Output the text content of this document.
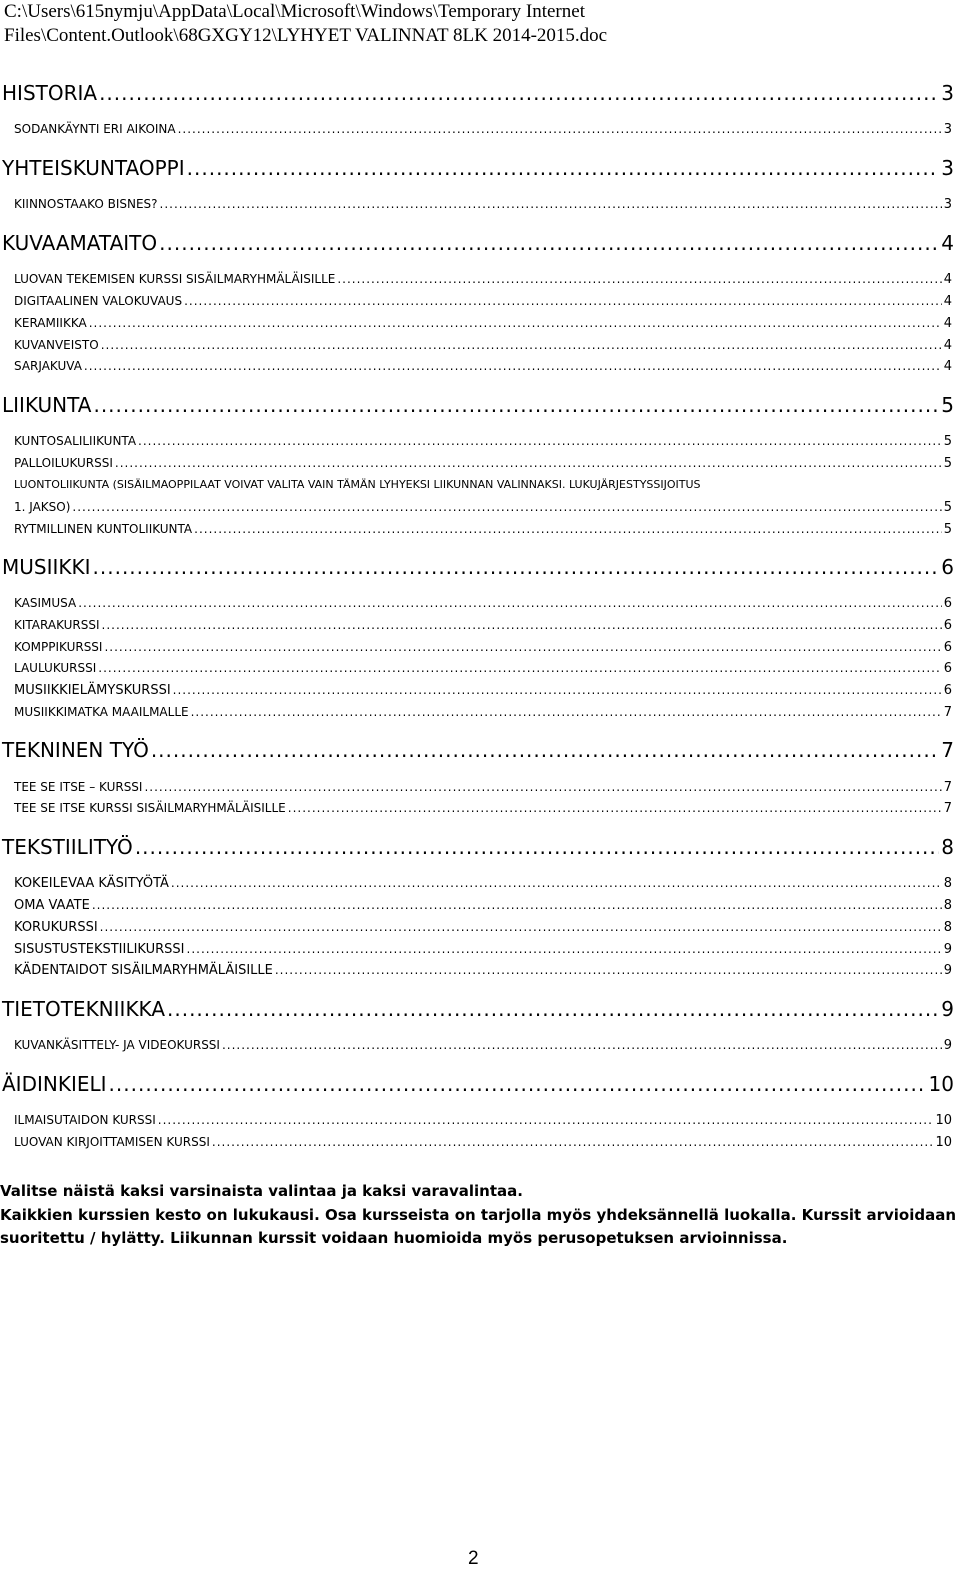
C:\Users\615nymju\AppData\Local\Microsoft\Windows\Temporary Internet
Files\Content.Outlook\68GXGY12\LYHYET VALINNAT 8LK 2014-2015.doc
HISTORIA .....	3
SODANKÄYNTI ERI AIKOINA .....	3
YHTEISKUNTAOPPI .....	3
KIINNOSTAAKO BISNES? .....	3
KUVAAMATAITO .....	4
LUOVAN TEKEMISEN KURSSI SISÄILMARYHMÄLÄISILLE .....	4
DIGITAALINEN VALOKUVAUS .....	4
KERAMIIKKA .....	4
KUVANVEISTO .....	4
SARJAKUVA .....	4
LIIKUNTA .....	5
KUNTOSALILIIKUNTA .....	5
PALLOILUKURSSI .....	5
LUONTOLIIKUNTA (SISÄILMAOPPILAAT VOIVAT VALITA VAIN TÄMÄN LYHYEKSI LIIKUNNAN VALINNAKSI. LUKUJÄRJESTYSSIJOITUS
1. JAKSO) .....	5
RYTMILLINEN KUNTOLIIKUNTA .....	5
MUSIIKKI .....	6
KASIMUSA .....	6
KITARAKURSSI .....	6
KOMPPIKURSSI .....	6
LAULUKURSSI .....	6
MUSIIKKIELÄMYSKURSSI .....	6
MUSIIKKIMATKA MAAILMALLE .....	7
TEKNINEN TYÖ .....	7
TEE SE ITSE – KURSSI .....	7
TEE SE ITSE KURSSI SISÄILMARYHMÄLÄISILLE .....	7
TEKSTIILITYÖ .....	8
KOKEILEVAA KÄSITYÖTÄ .....	8
OMA VAATE .....	8
KORUKURSSI .....	8
SISUSTUSTEKSTIILIKURSSI .....	9
KÄDENTAIDOT SISÄILMARYHMÄLÄISILLE .....	9
TIETOTEKNIIKKA .....	9
KUVANKÄSITTELY- JA VIDEOKURSSI .....	9
ÄIDINKIELI .....	10
ILMAISUTAIDON KURSSI .....	10
LUOVAN KIRJOITTAMISEN KURSSI .....	10
Valitse näistä kaksi varsinaista valintaa ja kaksi varavalintaa.
Kaikkien kurssien kesto on lukukausi. Osa kursseista on tarjolla myös yhdeksännellä luokalla. Kurssit arvioidaan suoritettu / hylätty. Liikunnan kurssit voidaan huomioida myös perusopetuksen arvioinnissa.
2
